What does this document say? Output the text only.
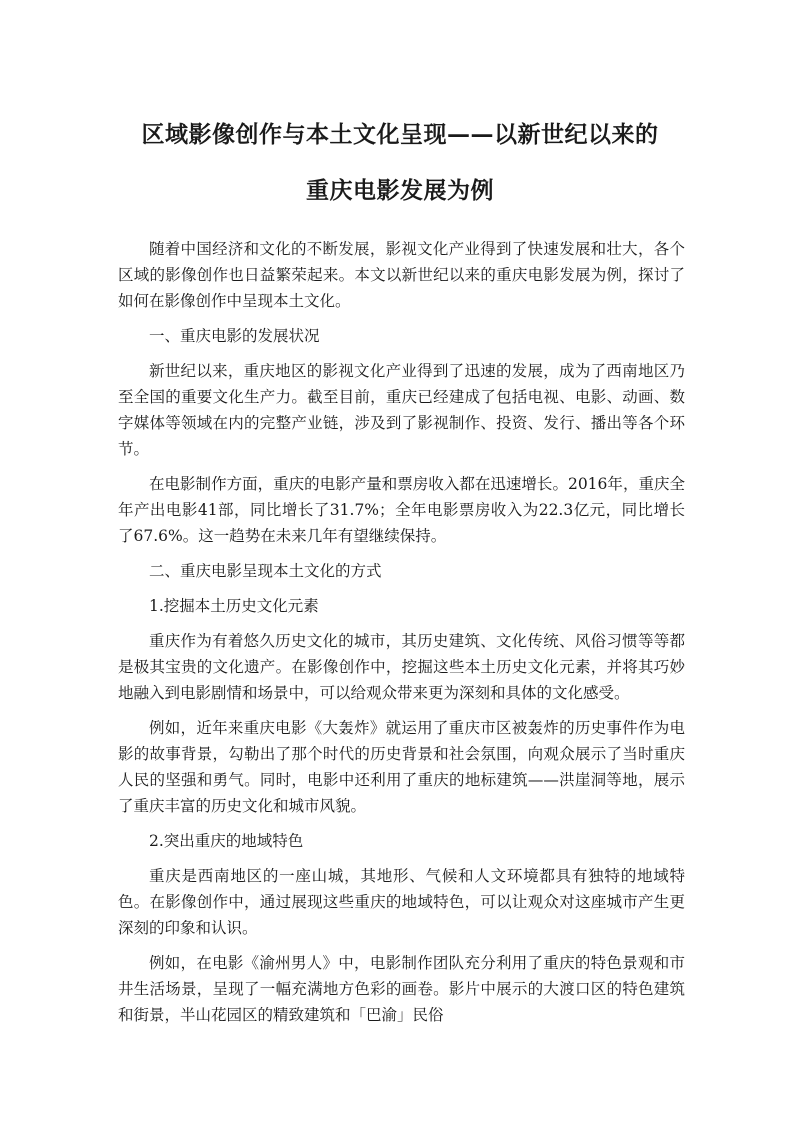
区域影像创作与本土文化呈现——以新世纪以来的
重庆电影发展为例

随着中国经济和文化的不断发展，影视文化产业得到了快速发展和壮大，各个区域的影像创作也日益繁荣起来。本文以新世纪以来的重庆电影发展为例，探讨了如何在影像创作中呈现本土文化。

一、重庆电影的发展状况

新世纪以来，重庆地区的影视文化产业得到了迅速的发展，成为了西南地区乃至全国的重要文化生产力。截至目前，重庆已经建成了包括电视、电影、动画、数字媒体等领域在内的完整产业链，涉及到了影视制作、投资、发行、播出等各个环节。

在电影制作方面，重庆的电影产量和票房收入都在迅速增长。2016年，重庆全年产出电影41部，同比增长了31.7%；全年电影票房收入为22.3亿元，同比增长了67.6%。这一趋势在未来几年有望继续保持。

二、重庆电影呈现本土文化的方式

1.挖掘本土历史文化元素

重庆作为有着悠久历史文化的城市，其历史建筑、文化传统、风俗习惯等等都是极其宝贵的文化遗产。在影像创作中，挖掘这些本土历史文化元素，并将其巧妙地融入到电影剧情和场景中，可以给观众带来更为深刻和具体的文化感受。

例如，近年来重庆电影《大轰炸》就运用了重庆市区被轰炸的历史事件作为电影的故事背景，勾勒出了那个时代的历史背景和社会氛围，向观众展示了当时重庆人民的坚强和勇气。同时，电影中还利用了重庆的地标建筑——洪崖洞等地，展示了重庆丰富的历史文化和城市风貌。

2.突出重庆的地域特色

重庆是西南地区的一座山城，其地形、气候和人文环境都具有独特的地域特色。在影像创作中，通过展现这些重庆的地域特色，可以让观众对这座城市产生更深刻的印象和认识。

例如，在电影《渝州男人》中，电影制作团队充分利用了重庆的特色景观和市井生活场景，呈现了一幅充满地方色彩的画卷。影片中展示的大渡口区的特色建筑和街景，半山花园区的精致建筑和「巴渝」民俗
